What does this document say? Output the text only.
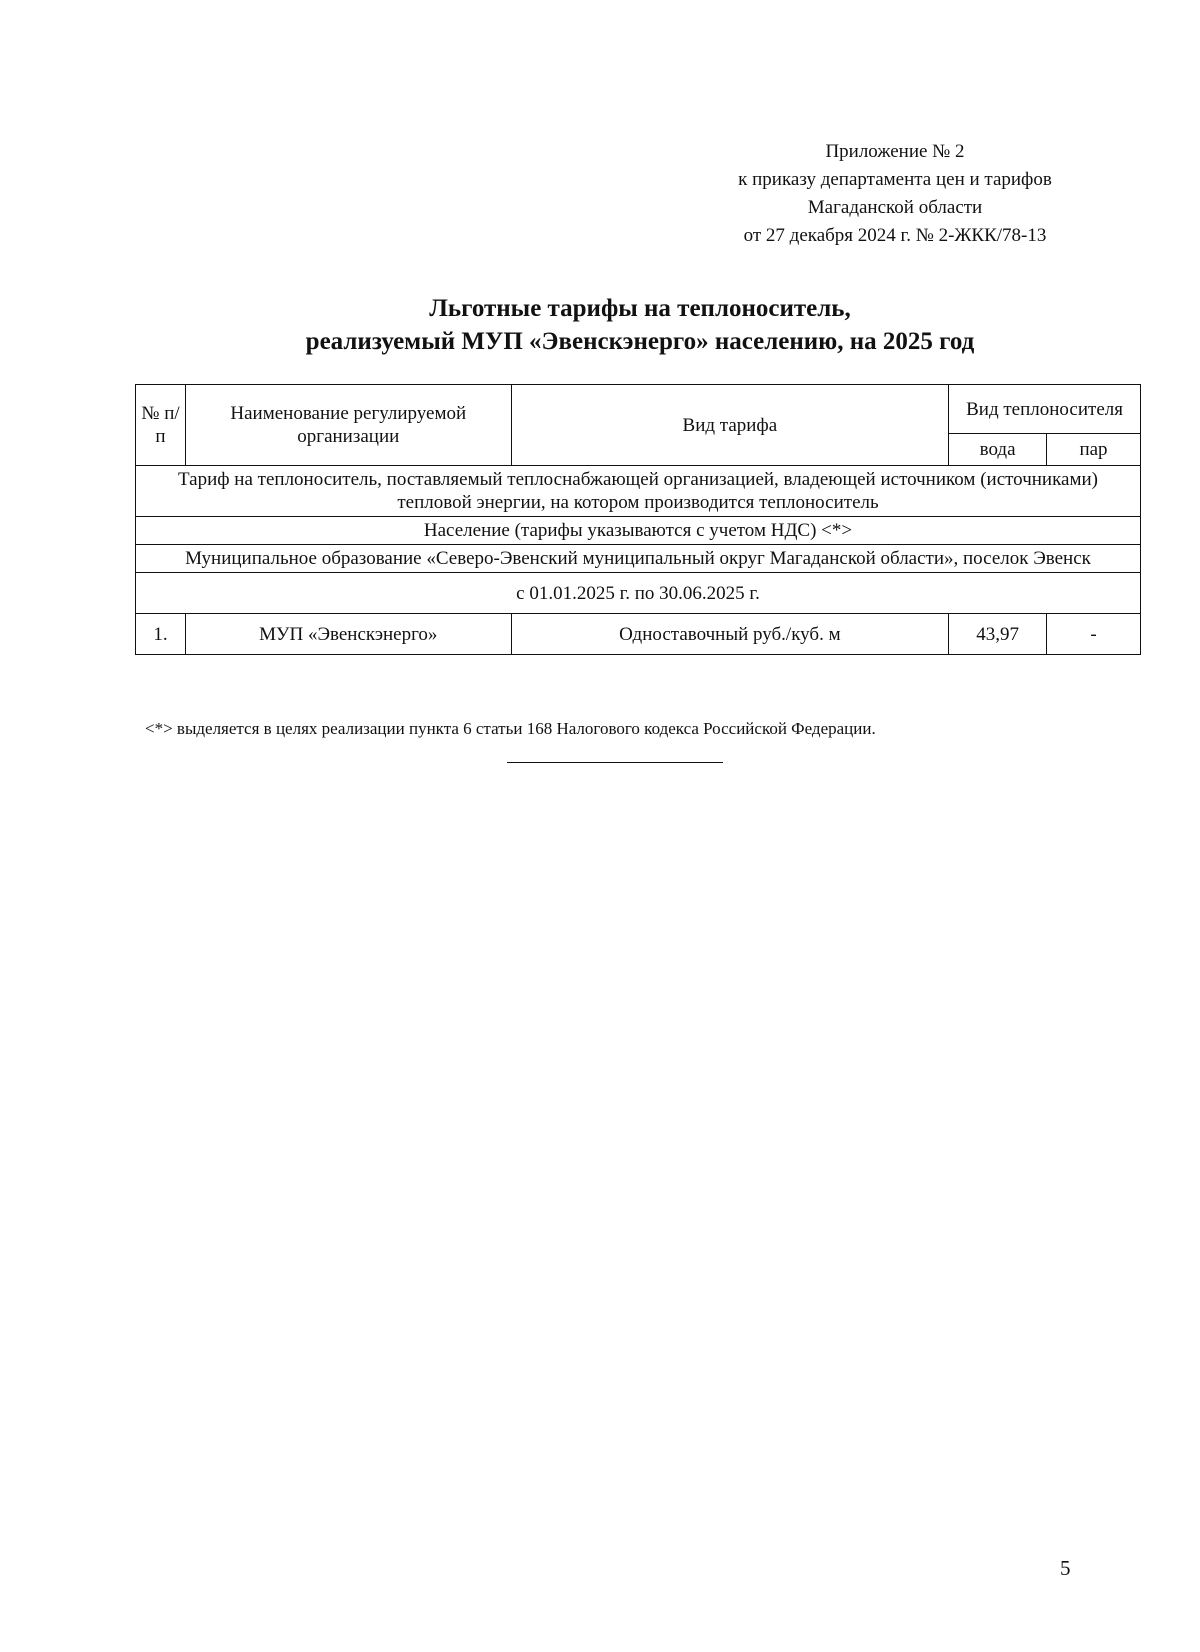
Приложение № 2
к приказу департамента цен и тарифов
Магаданской области
от 27 декабря 2024 г. № 2-ЖКК/78-13
Льготные тарифы на теплоноситель,
реализуемый МУП «Эвенскэнерго» населению, на 2025 год
№ п/п	Наименование регулируемой организации	Вид тарифа	Вид теплоносителя	
			вода	пар
Тариф на теплоноситель, поставляемый теплоснабжающей организацией, владеющей источником (источниками) тепловой энергии, на котором производится теплоноситель				
Население (тарифы указываются с учетом НДС) <*>				
Муниципальное образование «Северо-Эвенский муниципальный округ Магаданской области», поселок Эвенск				
с 01.01.2025 г. по 30.06.2025 г.				
1.	МУП «Эвенскэнерго»	Одноставочный руб./куб. м	43,97	-
<*> выделяется в целях реализации пункта 6 статьи 168 Налогового кодекса Российской Федерации.
5
